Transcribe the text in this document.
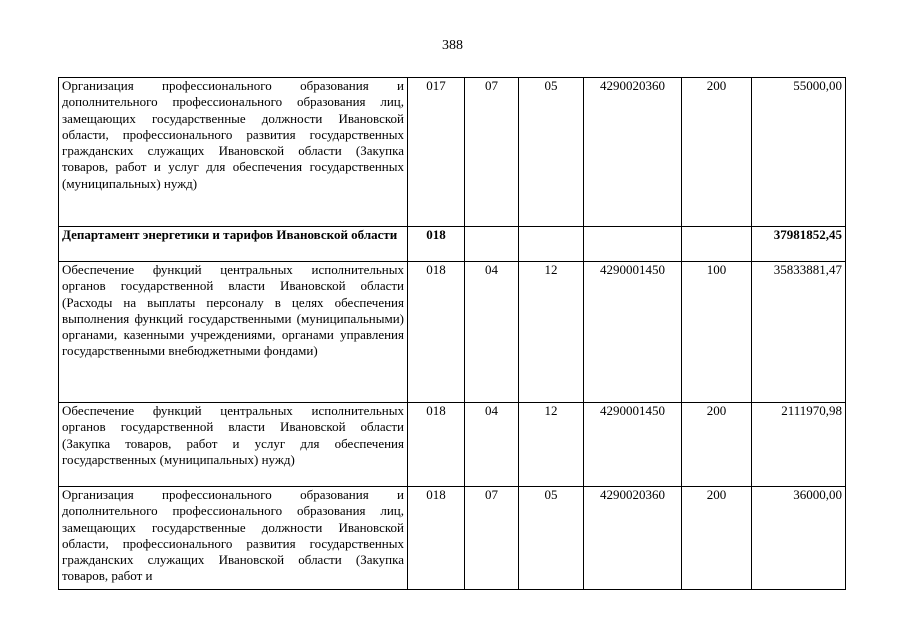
388
Организация профессионального образования и дополнительного профессионального образования лиц, замещающих государственные должности Ивановской области, профессионального развития государственных гражданских служащих Ивановской области (Закупка товаров, работ и услуг для обеспечения государственных (муниципальных) нужд)	017	07	05	4290020360	200	55000,00
Департамент энергетики и тарифов Ивановской области	018					37981852,45
Обеспечение функций центральных исполнительных органов государственной власти Ивановской области (Расходы на выплаты персоналу в целях обеспечения выполнения функций государственными (муниципальными) органами, казенными учреждениями, органами управления государственными внебюджетными фондами)	018	04	12	4290001450	100	35833881,47
Обеспечение функций центральных исполнительных органов государственной власти Ивановской области (Закупка товаров, работ и услуг для обеспечения государственных (муниципальных) нужд)	018	04	12	4290001450	200	2111970,98
Организация профессионального образования и дополнительного профессионального образования лиц, замещающих государственные должности Ивановской области, профессионального развития государственных гражданских служащих Ивановской области (Закупка товаров, работ и	018	07	05	4290020360	200	36000,00
